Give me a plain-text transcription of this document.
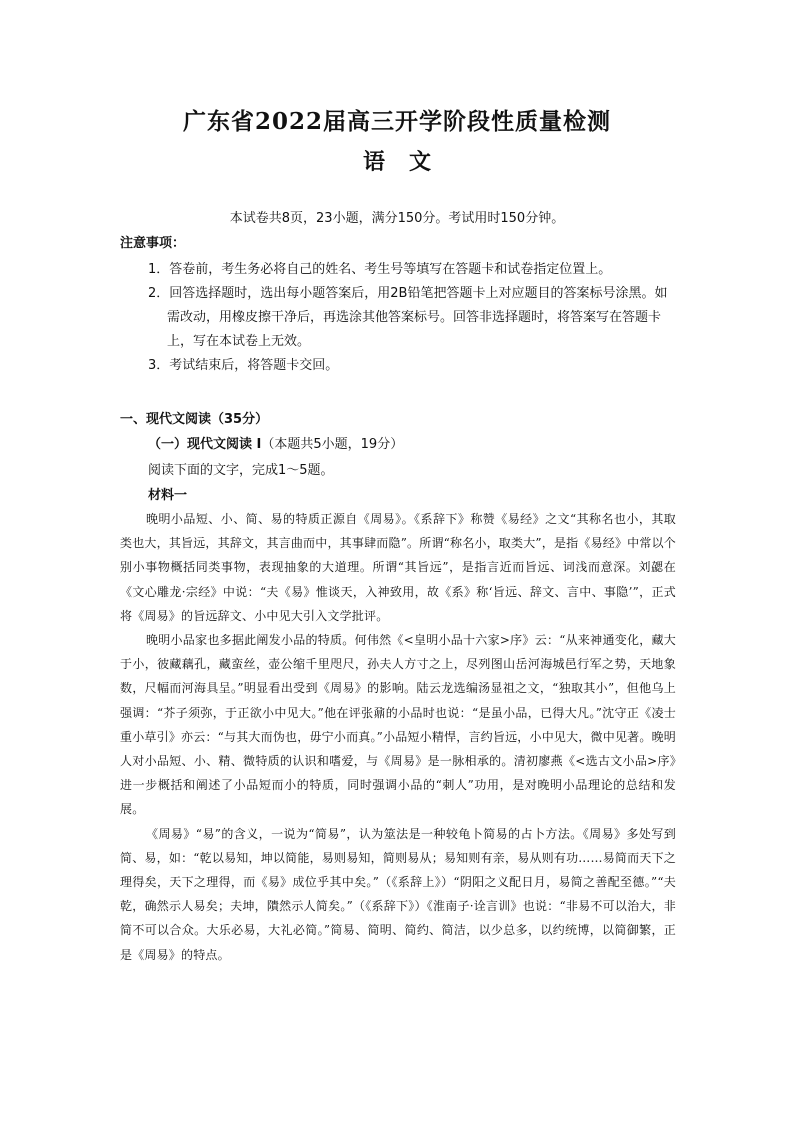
广东省2022届高三开学阶段性质量检测
语文
本试卷共8页，23小题，满分150分。考试用时150分钟。
注意事项：
1．答卷前，考生务必将自己的姓名、考生号等填写在答题卡和试卷指定位置上。
2．回答选择题时，选出每小题答案后，用2B铅笔把答题卡上对应题目的答案标号涂黑。如需改动，用橡皮擦干净后，再选涂其他答案标号。回答非选择题时，将答案写在答题卡上，写在本试卷上无效。
3．考试结束后，将答题卡交回。
一、现代文阅读（35分）
（一）现代文阅读 I（本题共5小题，19分）
阅读下面的文字，完成1～5题。
材料一

晚明小品短、小、简、易的特质正源自《周易》。《系辞下》称赞《易经》之文“其称名也小，其取类也大，其旨远，其辞文，其言曲而中，其事肆而隐”。所谓“称名小，取类大”，是指《易经》中常以个别小事物概括同类事物，表现抽象的大道理。所谓“其旨远”，是指言近而旨远、词浅而意深。刘勰在《文心雕龙·宗经》中说：“夫《易》惟谈天，入神致用，故《系》称‘旨远、辞文、言中、事隐’”，正式将《周易》的旨远辞文、小中见大引入文学批评。

晚明小品家也多据此阐发小品的特质。何伟然《<皇明小品十六家>序》云：“从来神通变化，藏大于小，彼藏藕孔，藏蛮丝，壶公缩千里咫尺，孙夫人方寸之上，尽列图山岳河海城邑行军之势，天地象数，尺幅而河海具呈。”明显看出受到《周易》的影响。陆云龙选编汤显祖之文，“独取其小”，但他乌上强调：“芥子须弥，于正欲小中见大。”他在评张鼐的小品时也说：“是虽小品，已得大凡。”沈守正《凌士重小草引》亦云：“与其大而伪也，毋宁小而真。”小品短小精悍，言约旨远，小中见大，微中见著。晚明人对小品短、小、精、微特质的认识和嗜爱，与《周易》是一脉相承的。清初廖燕《<选古文小品>序》进一步概括和阐述了小品短而小的特质，同时强调小品的“刺人”功用，是对晚明小品理论的总结和发展。

《周易》“易”的含义，一说为“简易”，认为筮法是一种较龟卜简易的占卜方法。《周易》多处写到简、易，如：“乾以易知，坤以简能，易则易知，简则易从；易知则有亲，易从则有功……易简而天下之理得矣，天下之理得，而《易》成位乎其中矣。”（《系辞上》）“阴阳之义配日月，易简之善配至德。”“夫乾，确然示人易矣；夫坤，隤然示人简矣。”（《系辞下》）《淮南子·诠言训》也说：“非易不可以治大，非简不可以合众。大乐必易，大礼必简。”简易、简明、简约、简洁，以少总多，以约统博，以简御繁，正是《周易》的特点。
